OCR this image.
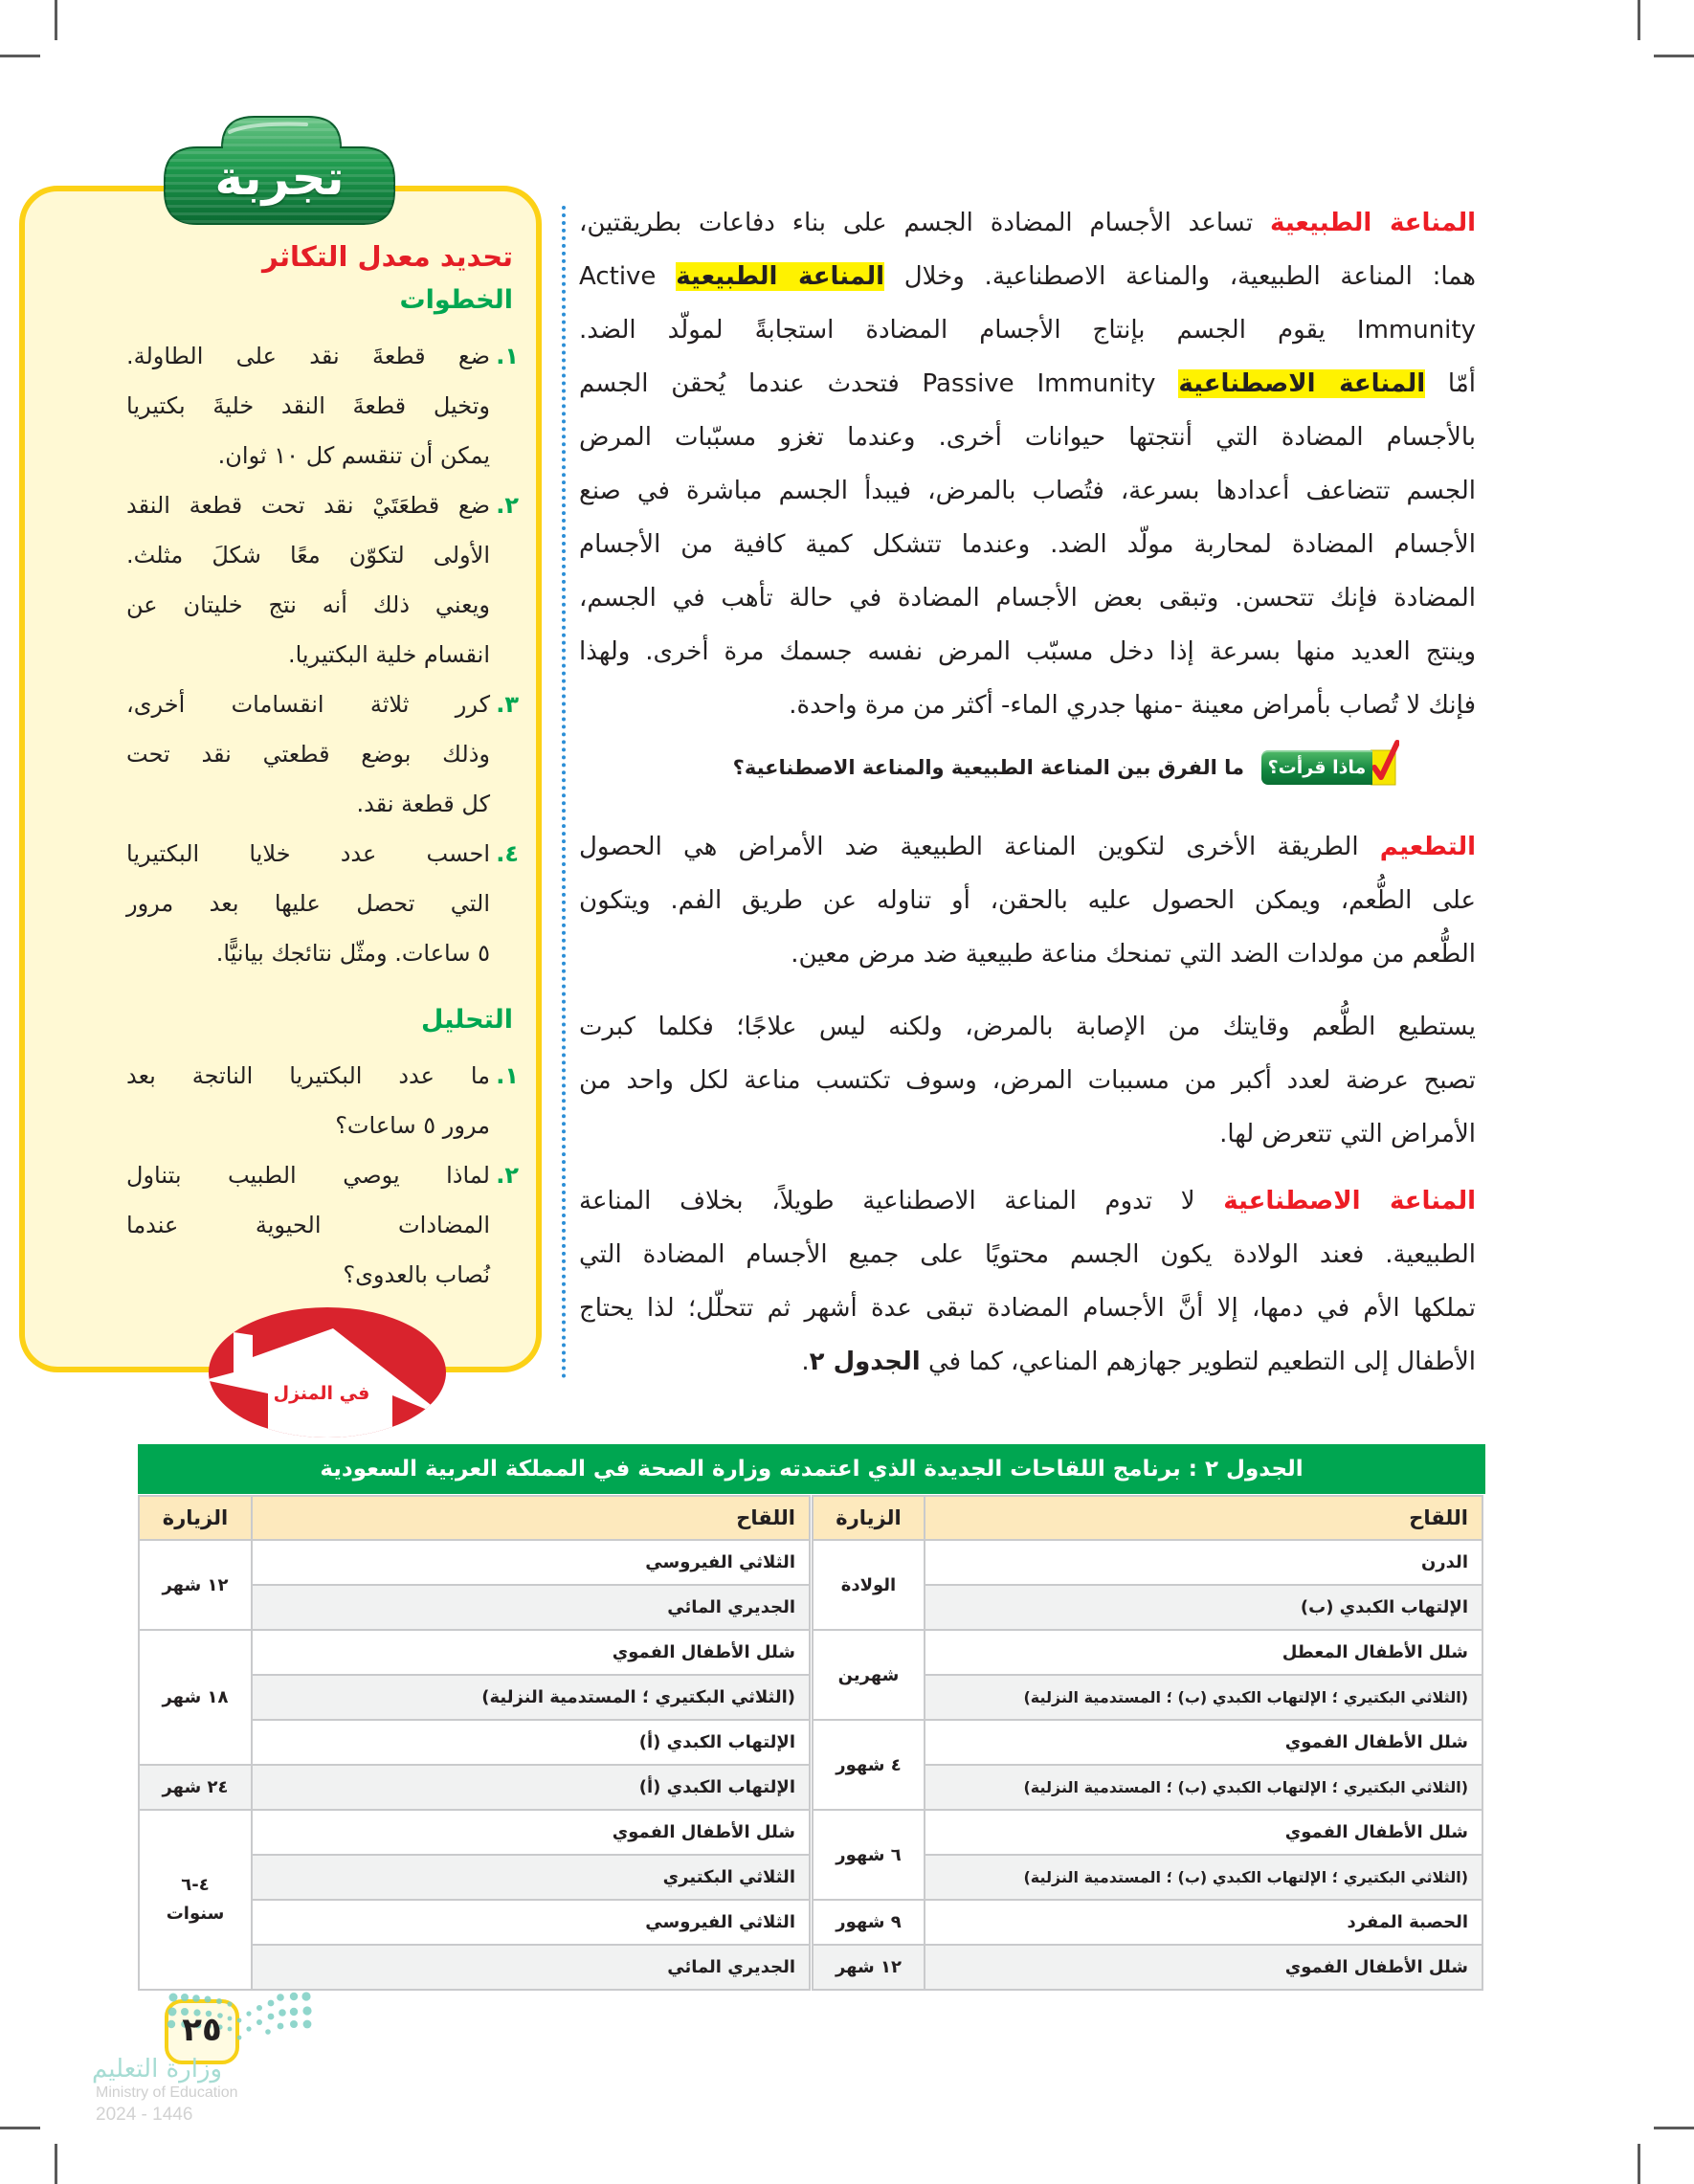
تجربة
تحديد معدل التكاثر
الخطوات
١.
ضع قطعةَ نقد على الطاولة.
وتخيل قطعةَ النقد خليةَ بكتيريا
يمكن أن تنقسم كل ١٠ ثوان.
٢.
ضع قطعَتَيْ نقد تحت قطعة النقد
الأولى لتكوّن معًا شكلَ مثلث.
ويعني ذلك أنه نتج خليتان عن
انقسام خلية البكتيريا.
٣.
كرر ثلاثة انقسامات أخرى،
وذلك بوضع قطعتي نقد تحت
كل قطعة نقد.
٤.
احسب عدد خلايا البكتيريا
التي تحصل عليها بعد مرور
٥ ساعات. ومثّل نتائجك بيانيًّا.
التحليل
١.
ما عدد البكتيريا الناتجة بعد
مرور ٥ ساعات؟
٢.
لماذا يوصي الطبيب بتناول
المضادات الحيوية عندما
نُصاب بالعدوى؟
في المنزل
المناعة الطبيعية تساعد الأجسام المضادة الجسم على بناء دفاعات بطريقتين،
هما: المناعة الطبيعية، والمناعة الاصطناعية. وخلال المناعة الطبيعية Active
Immunity يقوم الجسم بإنتاج الأجسام المضادة استجابةً لمولّد الضد.
أمّا المناعة الاصطناعية Passive Immunity فتحدث عندما يُحقن الجسم
بالأجسام المضادة التي أنتجتها حيوانات أخرى. وعندما تغزو مسبّبات المرض
الجسم تتضاعف أعدادها بسرعة، فتُصاب بالمرض، فيبدأ الجسم مباشرة في صنع
الأجسام المضادة لمحاربة مولّد الضد. وعندما تتشكل كمية كافية من الأجسام
المضادة فإنك تتحسن. وتبقى بعض الأجسام المضادة في حالة تأهب في الجسم،
وينتج العديد منها بسرعة إذا دخل مسبّب المرض نفسه جسمك مرة أخرى. ولهذا
فإنك لا تُصاب بأمراض معينة -منها جدري الماء- أكثر من مرة واحدة.
ماذا قرأت؟
ما الفرق بين المناعة الطبيعية والمناعة الاصطناعية؟
التطعيم الطريقة الأخرى لتكوين المناعة الطبيعية ضد الأمراض هي الحصول
على الطُّعم، ويمكن الحصول عليه بالحقن، أو تناوله عن طريق الفم. ويتكون
الطُّعم من مولدات الضد التي تمنحك مناعة طبيعية ضد مرض معين.
يستطيع الطُّعم وقايتك من الإصابة بالمرض، ولكنه ليس علاجًا؛ فكلما كبرت
تصبح عرضة لعدد أكبر من مسببات المرض، وسوف تكتسب مناعة لكل واحد من
الأمراض التي تتعرض لها.
المناعة الاصطناعية لا تدوم المناعة الاصطناعية طويلاً، بخلاف المناعة
الطبيعية. فعند الولادة يكون الجسم محتويًا على جميع الأجسام المضادة التي
تملكها الأم في دمها، إلا أنَّ الأجسام المضادة تبقى عدة أشهر ثم تتحلّل؛ لذا يحتاج
الأطفال إلى التطعيم لتطوير جهازهم المناعي، كما في الجدول ٢.
الجدول ٢ : برنامج اللقاحات الجديدة الذي اعتمدته وزارة الصحة في المملكة العربية السعودية
اللقاح	الزيارة
الدرن	الولادة
الإلتهاب الكبدي (ب)	
شلل الأطفال المعطل	شهرين
(الثلاثي البكتيري ؛ الإلتهاب الكبدي (ب) ؛ المستدمية النزلية)	
شلل الأطفال الفموي	٤ شهور
(الثلاثي البكتيري ؛ الإلتهاب الكبدي (ب) ؛ المستدمية النزلية)	
شلل الأطفال الفموي	٦ شهور
(الثلاثي البكتيري ؛ الإلتهاب الكبدي (ب) ؛ المستدمية النزلية)	
الحصبة المفرد	٩ شهور
شلل الأطفال الفموي	١٢ شهر
اللقاح	الزيارة
الثلاثي الفيروسي	١٢ شهر
الجديري المائي	
شلل الأطفال الفموي	١٨ شهر
(الثلاثي البكتيري ؛ المستدمية النزلية)	
الإلتهاب الكبدي (أ)	
الإلتهاب الكبدي (أ)	٢٤ شهر
شلل الأطفال الفموي	٤-٦ سنوات
الثلاثي البكتيري	
الثلاثي الفيروسي	
الجديري المائي	
٢٥
وزارة التعليم
Ministry of Education
2024 - 1446
